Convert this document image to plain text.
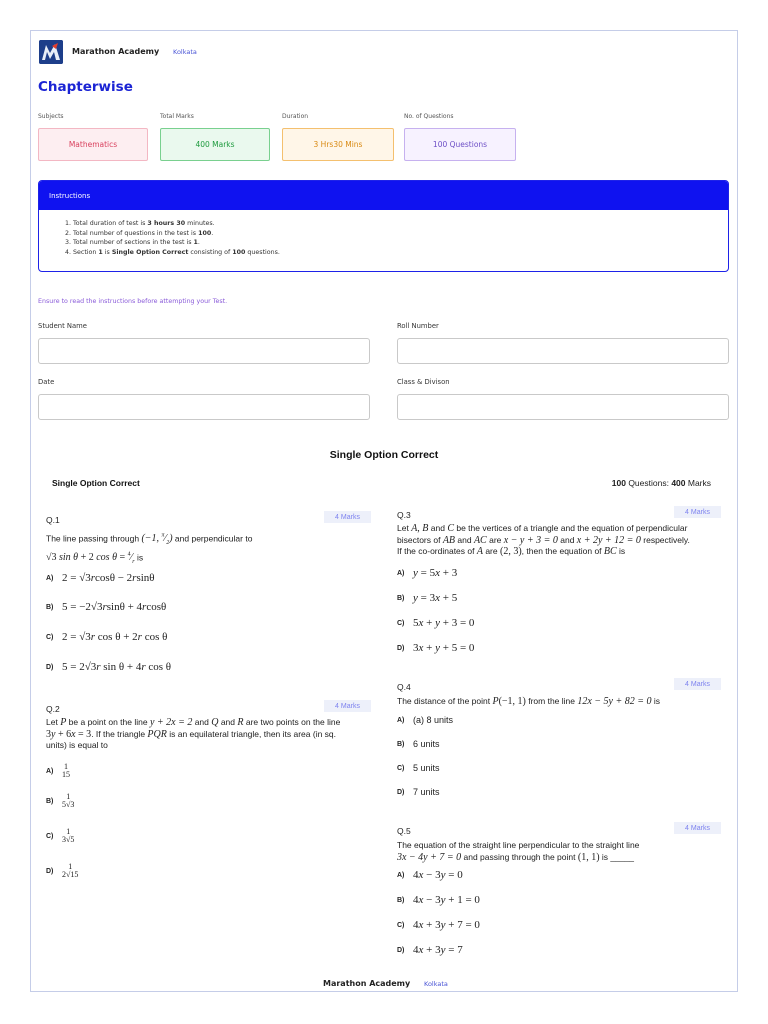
Marathon Academy Kolkata
Chapterwise
Subjects	Total Marks	Duration	No. of Questions
Mathematics	400 Marks	3 Hrs30 Mins	100 Questions
Instructions
1. Total duration of test is 3 hours 30 minutes.
2. Total number of questions in the test is 100.
3. Total number of sections in the test is 1.
4. Section 1 is Single Option Correct consisting of 100 questions.
Ensure to read the instructions before attempting your Test.
Student Name	Roll Number
Date	Class & Divison
Single Option Correct
Single Option Correct	100 Questions: 400 Marks
Q.1	4 Marks
The line passing through (−1, $^\pi⁄_2$) and perpendicular to
√3 sin θ + 2 $\cos \theta = ^4⁄_r$ is
A) 2 = √3rcosθ − 2rsinθ
B) 5 = −2√3rsinθ + 4rcosθ
C) 2 = √3r cos θ + 2r cos θ
D) 5 = 2√3r sin θ + 4r cos θ
Q.2	4 Marks
Let P be a point on the line y + 2x = 2 and Q and R are two points on the line
3y + 6x = 3. If the triangle PQR is an equilateral triangle, then its area (in sq.
units) is equal to
A)	1
15
B)	1
5√3
C)	1
3√5
D)	1
2√15
Q.3	4 Marks
Let A, B and C be the vertices of a triangle and the equation of perpendicular
bisectors of AB and AC are x − y + 3 = 0 and x + 2y + 12 = 0 respectively.
If the co-ordinates of A are (2, 3), then the equation of BC is
A) y = 5x + 3
B) y = 3x + 5
C) 5x + y + 3 = 0
D) 3x + y + 5 = 0
Q.4	4 Marks
The distance of the point P(−1, 1) from the line 12x − 5y + 82 = 0 is
A) (a) 8 units
B) 6 units
C) 5 units
D) 7 units
Q.5	4 Marks
The equation of the straight line perpendicular to the straight line
3x − 4y + 7 = 0 and passing through the point (1, 1) is _____
A) 4x − 3y = 0
B) 4x − 3y + 1 = 0
C) 4x + 3y + 7 = 0
D) 4x + 3y = 7
Marathon Academy Kolkata
